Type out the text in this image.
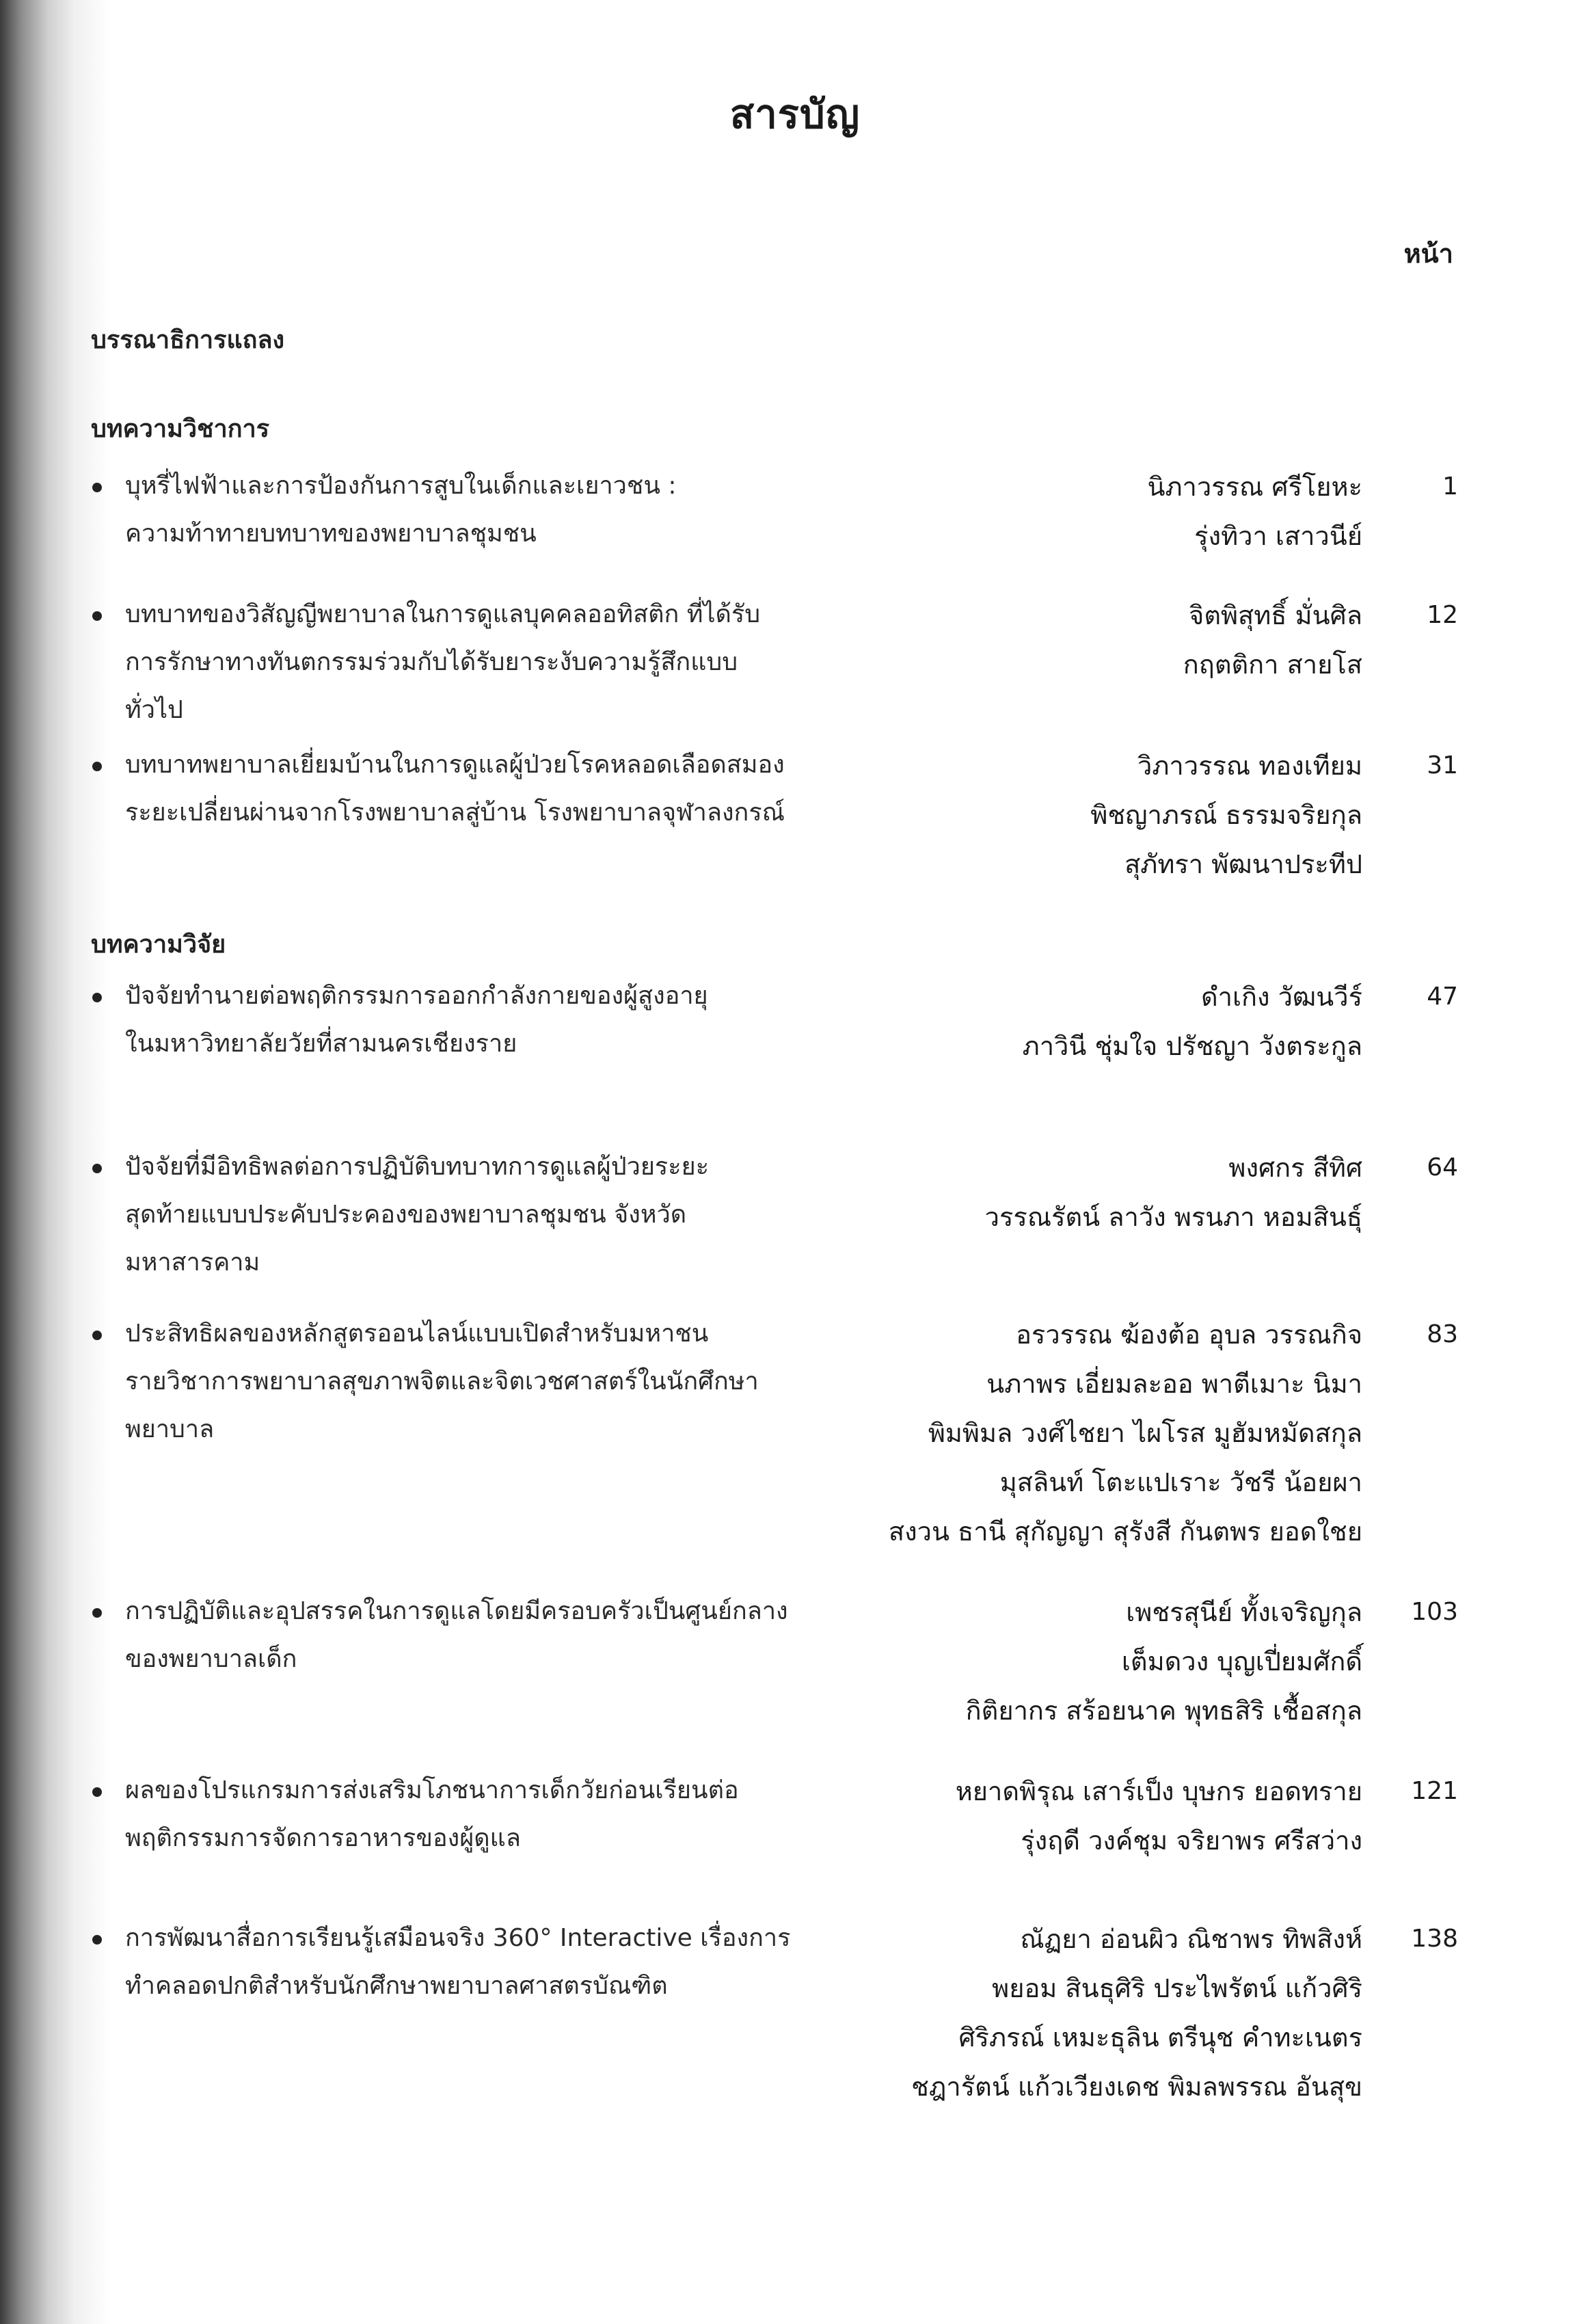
สารบัญ
หน้า
บรรณาธิการแถลง
บทความวิชาการ
บุหรี่ไฟฟ้าและการป้องกันการสูบในเด็กและเยาวชน :
ความท้าทายบทบาทของพยาบาลชุมชน
นิภาวรรณ ศรีโยหะ
รุ่งทิวา เสาวนีย์
1
บทบาทของวิสัญญีพยาบาลในการดูแลบุคคลออทิสติก ที่ได้รับ
การรักษาทางทันตกรรมร่วมกับได้รับยาระงับความรู้สึกแบบ
ทั่วไป
จิตพิสุทธิ์ มั่นศิล
กฤตติกา สายโส
12
บทบาทพยาบาลเยี่ยมบ้านในการดูแลผู้ป่วยโรคหลอดเลือดสมอง
ระยะเปลี่ยนผ่านจากโรงพยาบาลสู่บ้าน โรงพยาบาลจุฬาลงกรณ์
วิภาวรรณ ทองเทียม
พิชญาภรณ์ ธรรมจริยกุล
สุภัทรา พัฒนาประทีป
31
บทความวิจัย
ปัจจัยทำนายต่อพฤติกรรมการออกกำลังกายของผู้สูงอายุ
ในมหาวิทยาลัยวัยที่สามนครเชียงราย
ดำเกิง วัฒนวีร์
ภาวินี ชุ่มใจ ปรัชญา วังตระกูล
47
ปัจจัยที่มีอิทธิพลต่อการปฏิบัติบทบาทการดูแลผู้ป่วยระยะ
สุดท้ายแบบประคับประคองของพยาบาลชุมชน จังหวัด
มหาสารคาม
พงศกร สีทิศ
วรรณรัตน์ ลาวัง พรนภา หอมสินธุ์
64
ประสิทธิผลของหลักสูตรออนไลน์แบบเปิดสำหรับมหาชน
รายวิชาการพยาบาลสุขภาพจิตและจิตเวชศาสตร์ในนักศึกษา
พยาบาล
อรวรรณ ฆ้องต้อ อุบล วรรณกิจ
นภาพร เอี่ยมละออ พาตีเมาะ นิมา
พิมพิมล วงศ์ไชยา ไผโรส มูฮัมหมัดสกุล
มุสลินท์ โตะแปเราะ วัชรี น้อยผา
สงวน ธานี สุกัญญา สุรังสี กันตพร ยอดใชย
83
การปฏิบัติและอุปสรรคในการดูแลโดยมีครอบครัวเป็นศูนย์กลาง
ของพยาบาลเด็ก
เพชรสุนีย์ ทั้งเจริญกุล
เต็มดวง บุญเปี่ยมศักดิ์
กิติยากร สร้อยนาค พุทธสิริ เชื้อสกุล
103
ผลของโปรแกรมการส่งเสริมโภชนาการเด็กวัยก่อนเรียนต่อ
พฤติกรรมการจัดการอาหารของผู้ดูแล
หยาดพิรุณ เสาร์เป็ง บุษกร ยอดทราย
รุ่งฤดี วงค์ชุม จริยาพร ศรีสว่าง
121
การพัฒนาสื่อการเรียนรู้เสมือนจริง 360° Interactive เรื่องการ
ทำคลอดปกติสำหรับนักศึกษาพยาบาลศาสตรบัณฑิต
ณัฏยา อ่อนผิว ณิชาพร ทิพสิงห์
พยอม สินธุศิริ ประไพรัตน์ แก้วศิริ
ศิริภรณ์ เหมะธุลิน ตรีนุช คำทะเนตร
ชฎารัตน์ แก้วเวียงเดช พิมลพรรณ อันสุข
138
